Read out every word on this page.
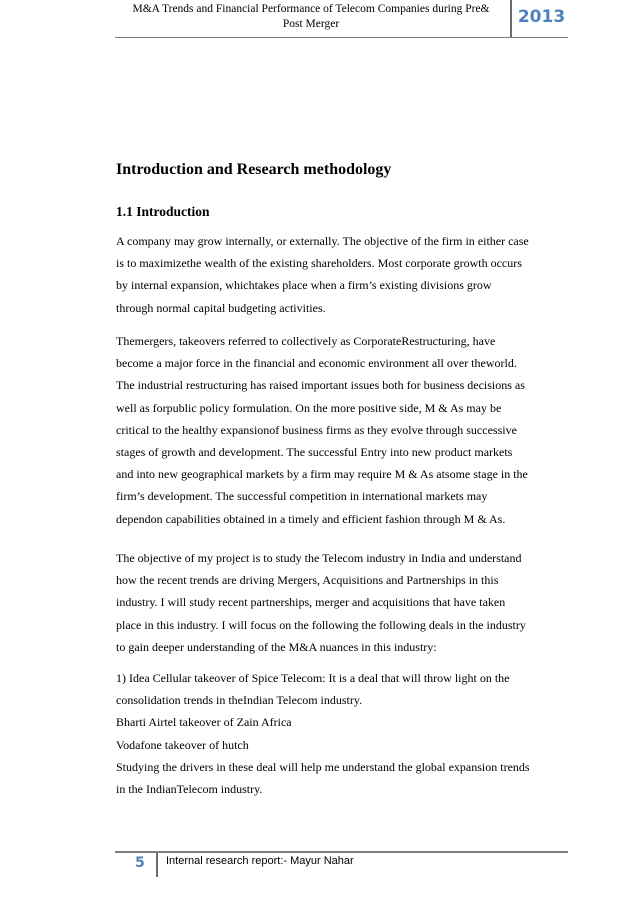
M&A Trends and Financial Performance of Telecom Companies during Pre&
Post Merger	2013
Introduction and Research methodology
1.1 Introduction

A company may grow internally, or externally. The objective of the firm in either case
is to maximizethe wealth of the existing shareholders. Most corporate growth occurs
by internal expansion, whichtakes place when a firm’s existing divisions grow
through normal capital budgeting activities.

Themergers, takeovers referred to collectively as CorporateRestructuring, have
become a major force in the financial and economic environment all over theworld.
The industrial restructuring has raised important issues both for business decisions as
well as forpublic policy formulation. On the more positive side, M & As may be
critical to the healthy expansionof business firms as they evolve through successive
stages of growth and development. The successful Entry into new product markets
and into new geographical markets by a firm may require M & As atsome stage in the
firm’s development. The successful competition in international markets may
dependon capabilities obtained in a timely and efficient fashion through M & As.

The objective of my project is to study the Telecom industry in India and understand
how the recent trends are driving Mergers, Acquisitions and Partnerships in this
industry. I will study recent partnerships, merger and acquisitions that have taken
place in this industry. I will focus on the following the following deals in the industry
to gain deeper understanding of the M&A nuances in this industry:

1) Idea Cellular takeover of Spice Telecom: It is a deal that will throw light on the
consolidation trends in theIndian Telecom industry.
Bharti Airtel takeover of Zain Africa
Vodafone takeover of hutch
Studying the drivers in these deal will help me understand the global expansion trends
in the IndianTelecom industry.

5 Internal research report:- Mayur Nahar
